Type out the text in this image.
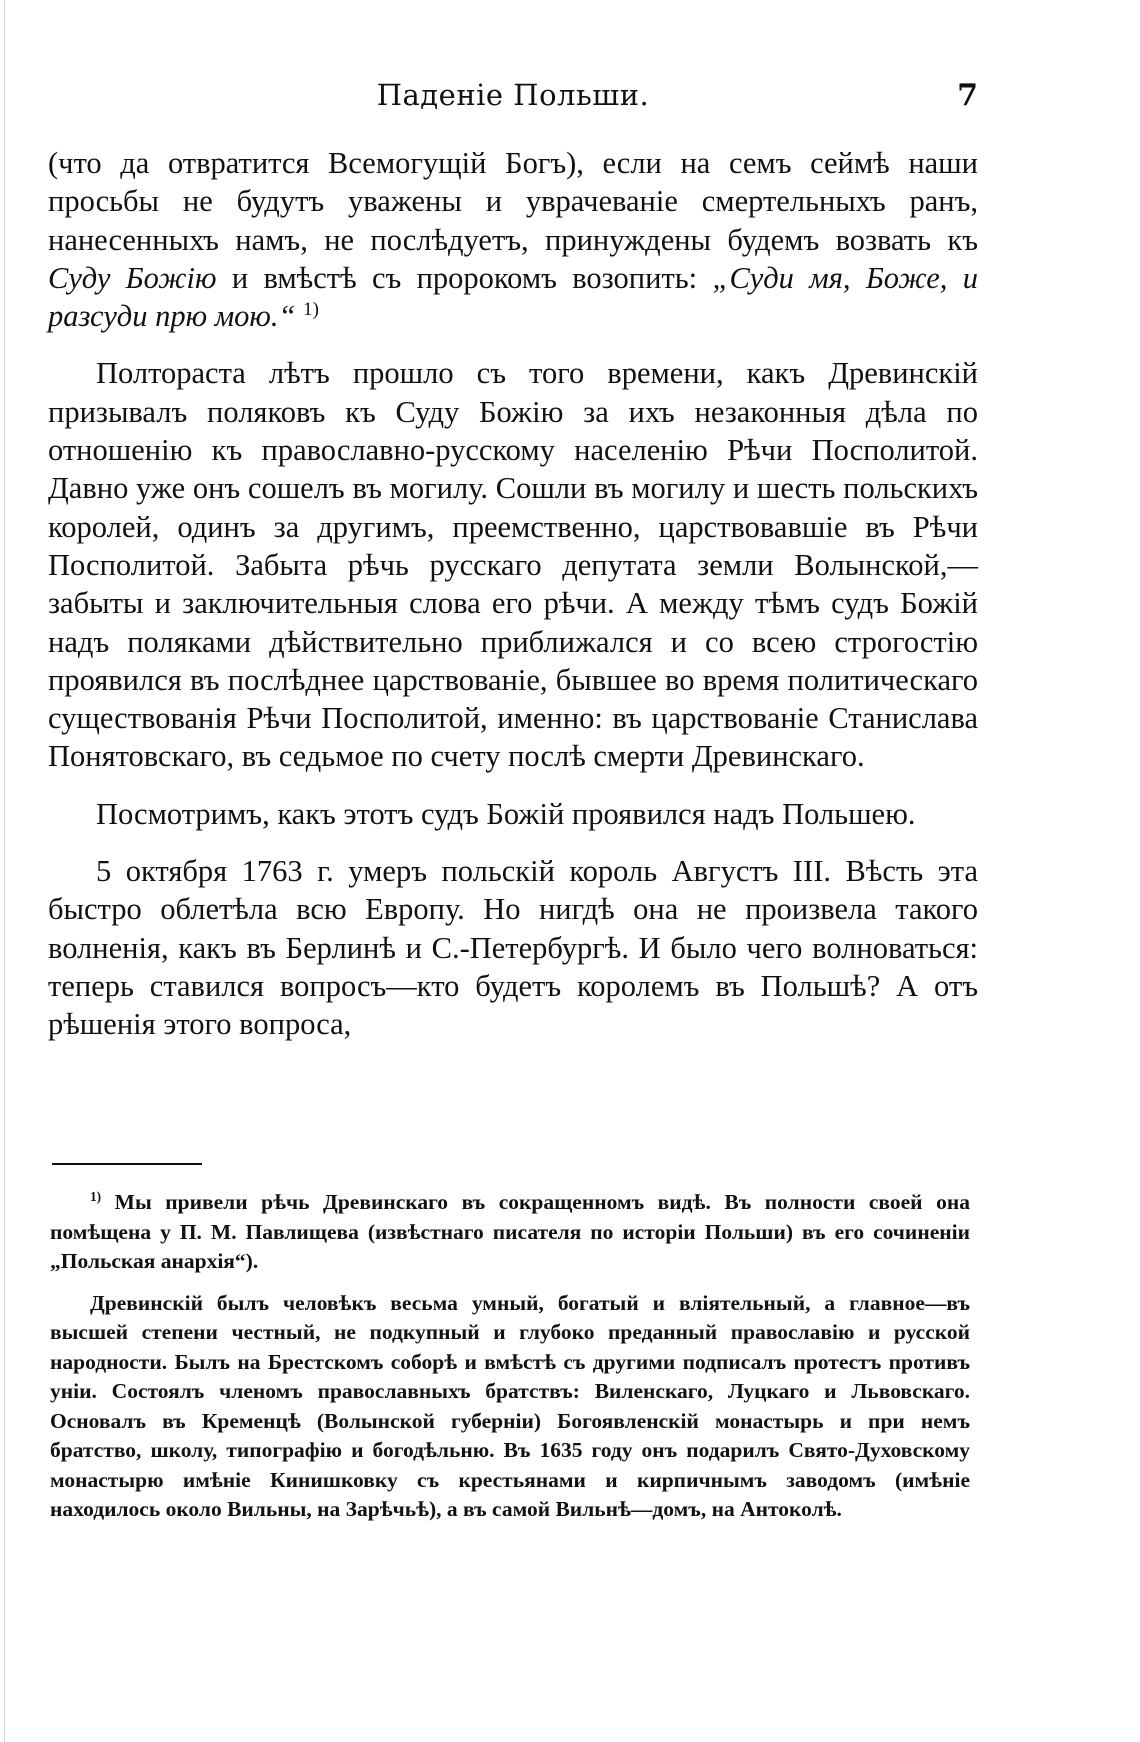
Паденіе Польши.	7

(что да отвратится Всемогущій Богъ), если на семъ сеймѣ наши просьбы не будутъ уважены и уврачеваніе смертельныхъ ранъ, нанесенныхъ намъ, не послѣдуетъ, принуждены будемъ возвать къ Суду Божію и вмѣстѣ съ пророкомъ возопить: „Суди мя, Боже, и разсуди прю мою.“ $^{1)}$

Полтораста лѣтъ прошло съ того времени, какъ Древинскій призывалъ поляковъ къ Суду Божію за ихъ незаконныя дѣла по отношенію къ православно-русскому населенію Рѣчи Посполитой. Давно уже онъ сошелъ въ могилу. Сошли въ могилу и шесть польскихъ королей, одинъ за другимъ, преемственно, царствовавшіе въ Рѣчи Посполитой. Забыта рѣчь русскаго депутата земли Волынской,—забыты и заключительныя слова его рѣчи. А между тѣмъ судъ Божій надъ поляками дѣйствительно приближался и со всею строгостію проявился въ послѣднее царствованіе, бывшее во время политическаго существованія Рѣчи Посполитой, именно: въ царствованіе Станислава Понятовскаго, въ седьмое по счету послѣ смерти Древинскаго.

Посмотримъ, какъ этотъ судъ Божій проявился надъ Польшею.

5 октября 1763 г. умеръ польскій король Августъ III. Вѣсть эта быстро облетѣла всю Европу. Но нигдѣ она не произвела такого волненія, какъ въ Берлинѣ и С.-Петербургѣ. И было чего волноваться: теперь ставился вопросъ—кто будетъ королемъ въ Польшѣ? А отъ рѣшенія этого вопроса,

$^{1)}$ Мы привели рѣчь Древинскаго въ сокращенномъ видѣ. Въ полности своей она помѣщена у П. М. Павлищева (извѣстнаго писателя по исторіи Польши) въ его сочиненіи „Польская анархія“).

Древинскій былъ человѣкъ весьма умный, богатый и вліятельный, а главное—въ высшей степени честный, не подкупный и глубоко преданный православію и русской народности. Былъ на Брестскомъ соборѣ и вмѣстѣ съ другими подписалъ протестъ противъ уніи. Состоялъ членомъ православныхъ братствъ: Виленскаго, Луцкаго и Львовскаго. Основалъ въ Кременцѣ (Волынской губерніи) Богоявленскій монастырь и при немъ братство, школу, типографію и богодѣльню. Въ 1635 году онъ подарилъ Свято-Духовскому монастырю имѣніе Кинишковку съ крестьянами и кирпичнымъ заводомъ (имѣніе находилось около Вильны, на Зарѣчьѣ), а въ самой Вильнѣ—домъ, на Антоколѣ.
